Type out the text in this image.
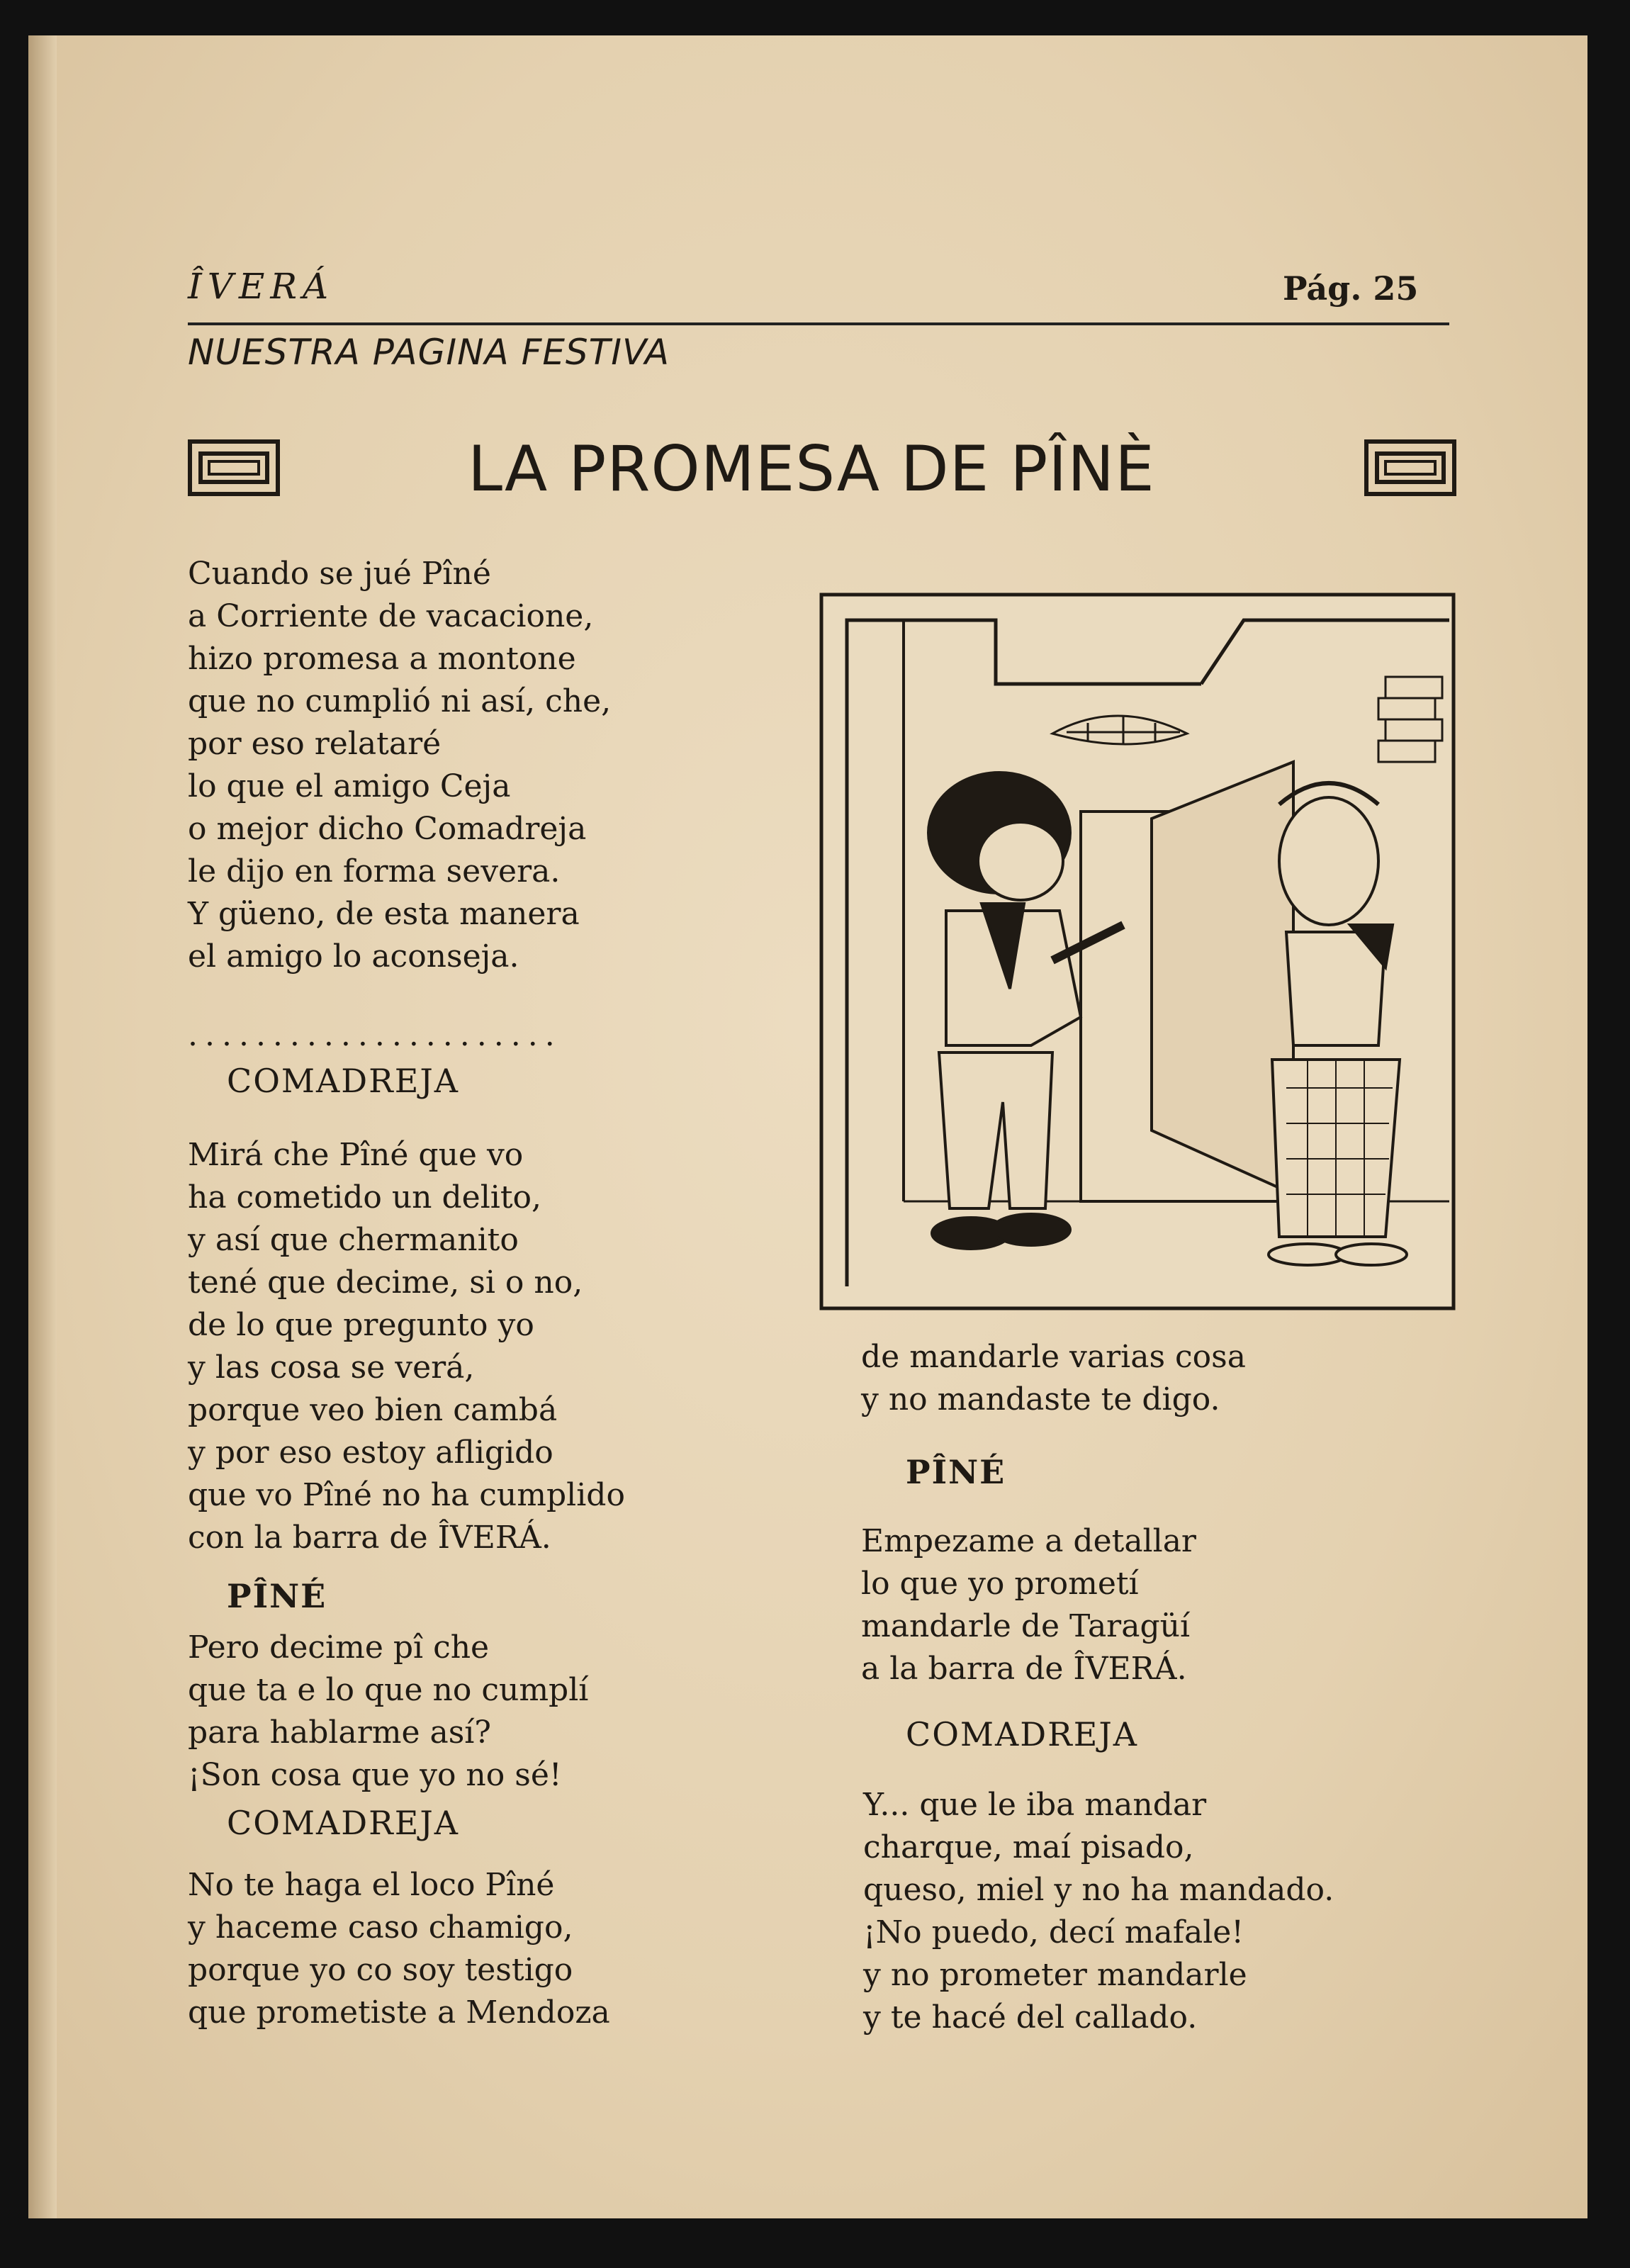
ÎVERÁ	Pág. 25
NUESTRA PAGINA FESTIVA
LA PROMESA DE PÎNÈ
Cuando se jué Pîné
a Corriente de vacacione,
hizo promesa a montone
que no cumplió ni así, che,
por eso relataré
lo que el amigo Ceja
o mejor dicho Comadreja
le dijo en forma severa.
Y güeno, de esta manera
el amigo lo aconseja.
......................
COMADREJA
Mirá che Pîné que vo
ha cometido un delito,
y así que chermanito
tené que decime, si o no,
de lo que pregunto yo
y las cosa se verá,
porque veo bien cambá
y por eso estoy afligido
que vo Pîné no ha cumplido
con la barra de ÎVERÁ.
PÎNÉ
Pero decime pî che
que ta e lo que no cumplí
para hablarme así?
¡Son cosa que yo no sé!
COMADREJA
No te haga el loco Pîné
y haceme caso chamigo,
porque yo co soy testigo
que prometiste a Mendoza
de mandarle varias cosa
y no mandaste te digo.
PÎNÉ
Empezame a detallar
lo que yo prometí
mandarle de Taragüí
a la barra de ÎVERÁ.
COMADREJA
Y... que le iba mandar
charque, maí pisado,
queso, miel y no ha mandado.
¡No puedo, decí mafale!
y no prometer mandarle
y te hacé del callado.
